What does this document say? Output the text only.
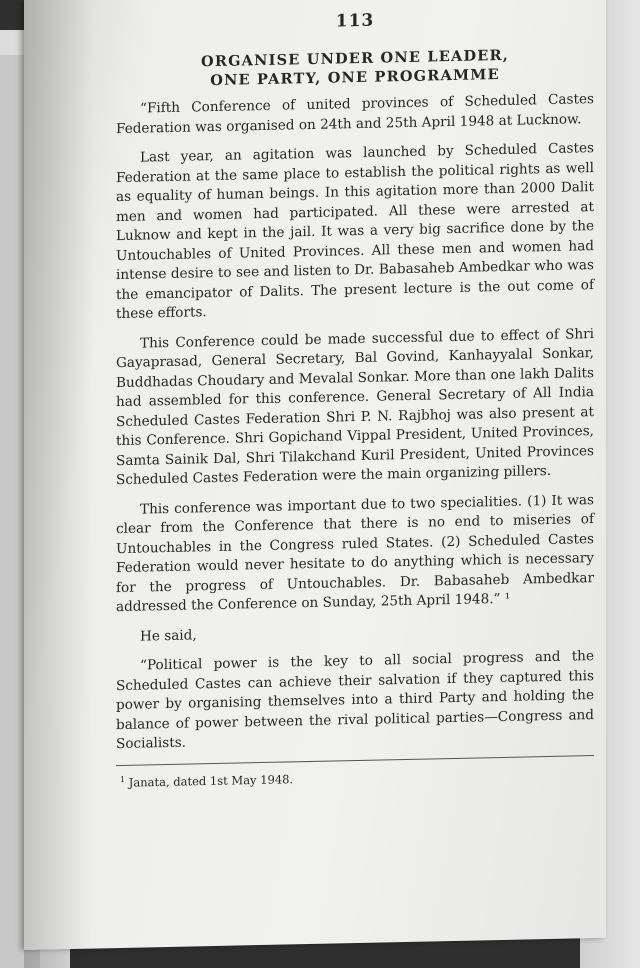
113
ORGANISE UNDER ONE LEADER,
ONE PARTY, ONE PROGRAMME

“Fifth Conference of united provinces of Scheduled Castes Federation was organised on 24th and 25th April 1948 at Lucknow.

Last year, an agitation was launched by Scheduled Castes Federation at the same place to establish the political rights as well as equality of human beings. In this agitation more than 2000 Dalit men and women had participated. All these were arrested at Luknow and kept in the jail. It was a very big sacrifice done by the Untouchables of United Provinces. All these men and women had intense desire to see and listen to Dr. Babasaheb Ambedkar who was the emancipator of Dalits. The present lecture is the out come of these efforts.

This Conference could be made successful due to effect of Shri Gayaprasad, General Secretary, Bal Govind, Kanhayyalal Sonkar, Buddhadas Choudary and Mevalal Sonkar. More than one lakh Dalits had assembled for this conference. General Secretary of All India Scheduled Castes Federation Shri P. N. Rajbhoj was also present at this Conference. Shri Gopichand Vippal President, United Provinces, Samta Sainik Dal, Shri Tilakchand Kuril President, United Provinces Scheduled Castes Federation were the main organizing pillers.

This conference was important due to two specialities. (1) It was clear from the Conference that there is no end to miseries of Untouchables in the Congress ruled States. (2) Scheduled Castes Federation would never hesitate to do anything which is necessary for the progress of Untouchables. Dr. Babasaheb Ambedkar addressed the Conference on Sunday, 25th April 1948.” ¹

He said,

“Political power is the key to all social progress and the Scheduled Castes can achieve their salvation if they captured this power by organising themselves into a third Party and holding the balance of power between the rival political parties—Congress and Socialists.

$^1$ Janata, dated 1st May 1948.
